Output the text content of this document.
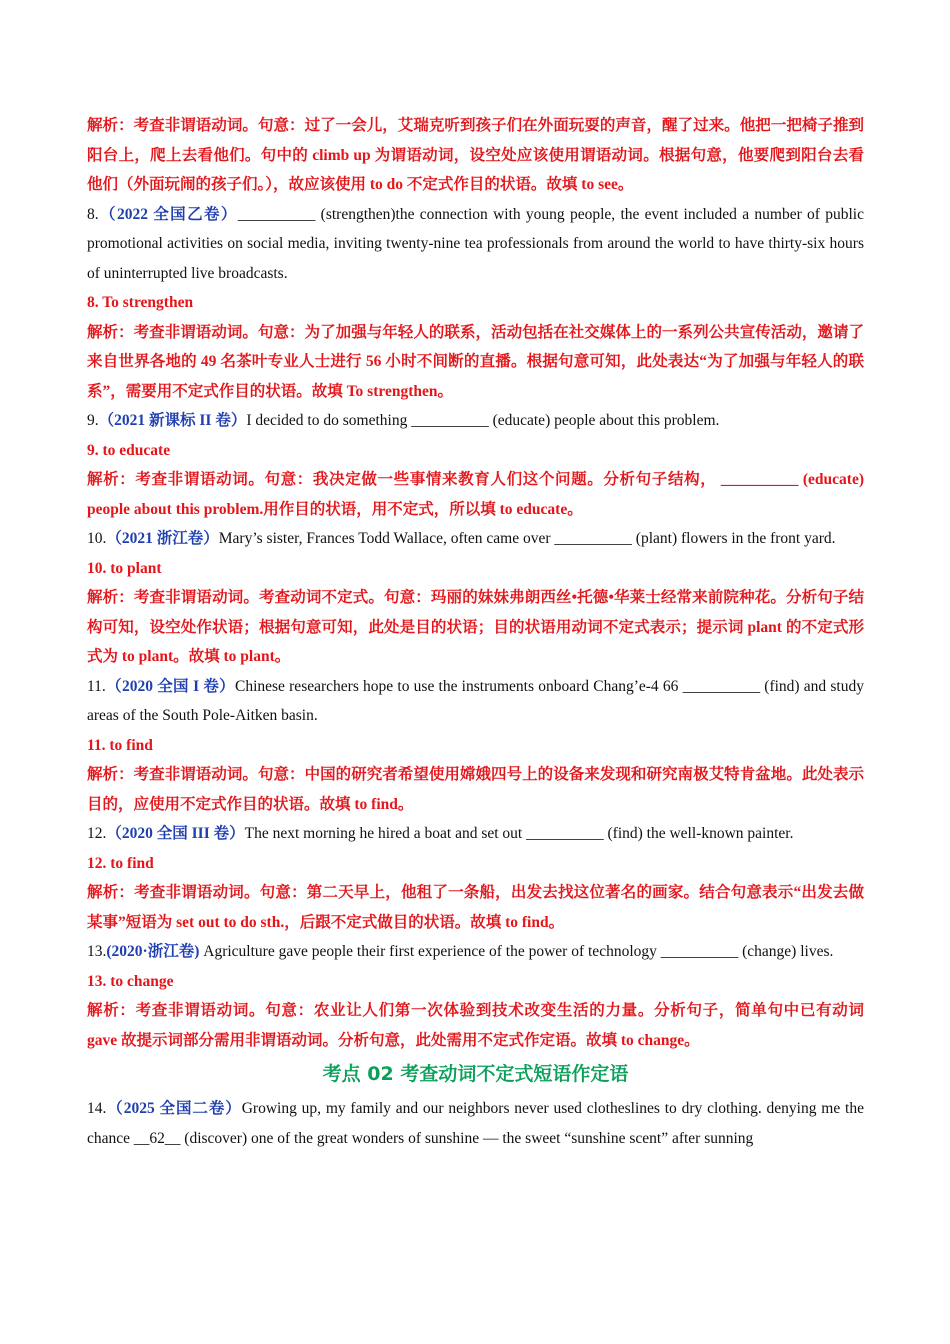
解析：考查非谓语动词。句意：过了一会儿，艾瑞克听到孩子们在外面玩耍的声音，醒了过来。他把一把椅子推到阳台上，爬上去看他们。句中的 climb up 为谓语动词，设空处应该使用谓语动词。根据句意，他要爬到阳台去看他们（外面玩闹的孩子们。），故应该使用 to do 不定式作目的状语。故填 to see。

8.（2022 全国乙卷）__________ (strengthen)the connection with young people, the event included a number of public promotional activities on social media, inviting twenty-nine tea professionals from around the world to have thirty-six hours of uninterrupted live broadcasts.

8. To strengthen

解析：考查非谓语动词。句意：为了加强与年轻人的联系，活动包括在社交媒体上的一系列公共宣传活动，邀请了来自世界各地的 49 名茶叶专业人士进行 56 小时不间断的直播。根据句意可知，此处表达“为了加强与年轻人的联系”，需要用不定式作目的状语。故填 To strengthen。

9.（2021 新课标 II 卷）I decided to do something __________ (educate) people about this problem.

9. to educate

解析：考查非谓语动词。句意：我决定做一些事情来教育人们这个问题。分析句子结构， __________ (educate) people about this problem.用作目的状语，用不定式，所以填 to educate。

10.（2021 浙江卷）Mary’s sister, Frances Todd Wallace, often came over __________ (plant) flowers in the front yard.

10. to plant

解析：考查非谓语动词。考查动词不定式。句意：玛丽的妹妹弗朗西丝•托德•华莱士经常来前院种花。分析句子结构可知，设空处作状语；根据句意可知，此处是目的状语；目的状语用动词不定式表示；提示词 plant 的不定式形式为 to plant。故填 to plant。

11.（2020 全国 I 卷）Chinese researchers hope to use the instruments onboard Chang’e-4 66 __________ (find) and study areas of the South Pole-Aitken basin.

11. to find

解析：考查非谓语动词。句意：中国的研究者希望使用嫦娥四号上的设备来发现和研究南极艾特肯盆地。此处表示目的，应使用不定式作目的状语。故填 to find。

12.（2020 全国 III 卷）The next morning he hired a boat and set out __________ (find) the well-known painter.

12. to find

解析：考查非谓语动词。句意：第二天早上，他租了一条船，出发去找这位著名的画家。结合句意表示“出发去做某事”短语为 set out to do sth.，后跟不定式做目的状语。故填 to find。

13.(2020·浙江卷) Agriculture gave people their first experience of the power of technology __________ (change) lives.

13. to change

解析：考查非谓语动词。句意：农业让人们第一次体验到技术改变生活的力量。分析句子，简单句中已有动词 gave 故提示词部分需用非谓语动词。分析句意，此处需用不定式作定语。故填 to change。

考点 02 考查动词不定式短语作定语

14.（2025 全国二卷）Growing up, my family and our neighbors never used clotheslines to dry clothing. denying me the chance __62__ (discover) one of the great wonders of sunshine — the sweet “sunshine scent” after sunning
